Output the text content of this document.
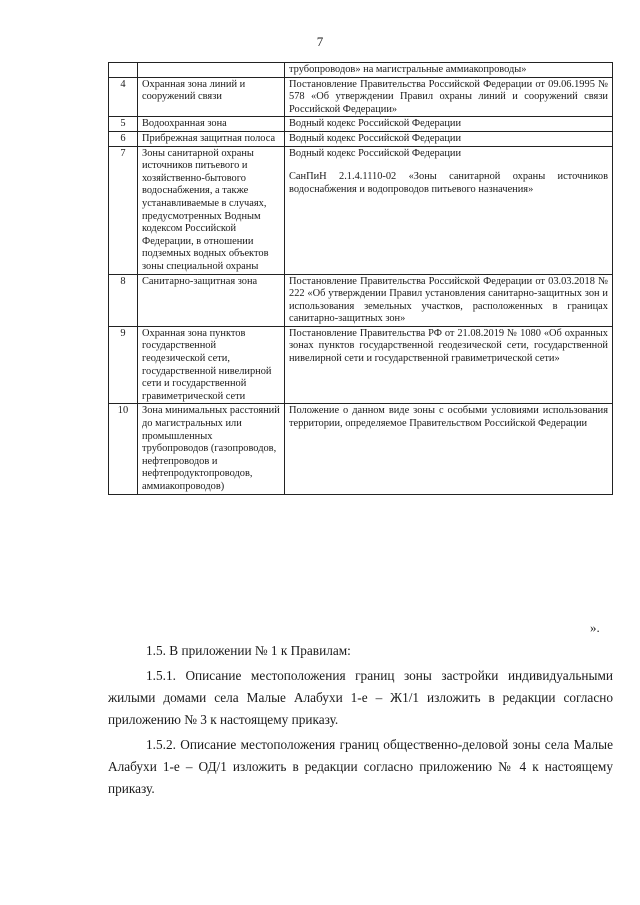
7

		трубопроводов» на магистральные аммиакопроводы»

4	Охранная зона линий и сооружений связи	Постановление Правительства Российской Федерации от 09.06.1995 № 578 «Об утверждении Правил охраны линий и сооружений связи Российской Федерации»

5	Водоохранная зона	Водный кодекс Российской Федерации

6	Прибрежная защитная полоса	Водный кодекс Российской Федерации

7	Зоны санитарной охраны источников питьевого и хозяйственно-бытового водоснабжения, а также устанавливаемые в случаях, предусмотренных Водным кодексом Российской Федерации, в отношении подземных водных объектов зоны специальной охраны	Водный кодекс Российской Федерации

СанПиН 2.1.4.1110-02 «Зоны санитарной охраны источников водоснабжения и водопроводов питьевого назначения»

8	Санитарно-защитная зона	Постановление Правительства Российской Федерации от 03.03.2018 № 222 «Об утверждении Правил установления санитарно-защитных зон и использования земельных участков, расположенных в границах санитарно-защитных зон»

9	Охранная зона пунктов государственной геодезической сети, государственной нивелирной сети и государственной гравиметрической сети	Постановление Правительства РФ от 21.08.2019 № 1080 «Об охранных зонах пунктов государственной геодезической сети, государственной нивелирной сети и государственной гравиметрической сети»

10	Зона минимальных расстояний до магистральных или промышленных трубопроводов (газопроводов, нефтепроводов и нефтепродуктопроводов, аммиакопроводов)	Положение о данном виде зоны с особыми условиями использования территории, определяемое Правительством Российской Федерации

».

1.5. В приложении № 1 к Правилам:

1.5.1. Описание местоположения границ зоны застройки индивидуальными жилыми домами села Малые Алабухи 1-е – Ж1/1 изложить в редакции согласно приложению № 3 к настоящему приказу.

1.5.2. Описание местоположения границ общественно-деловой зоны села Малые Алабухи 1-е – ОД/1 изложить в редакции согласно приложению № 4 к настоящему приказу.
